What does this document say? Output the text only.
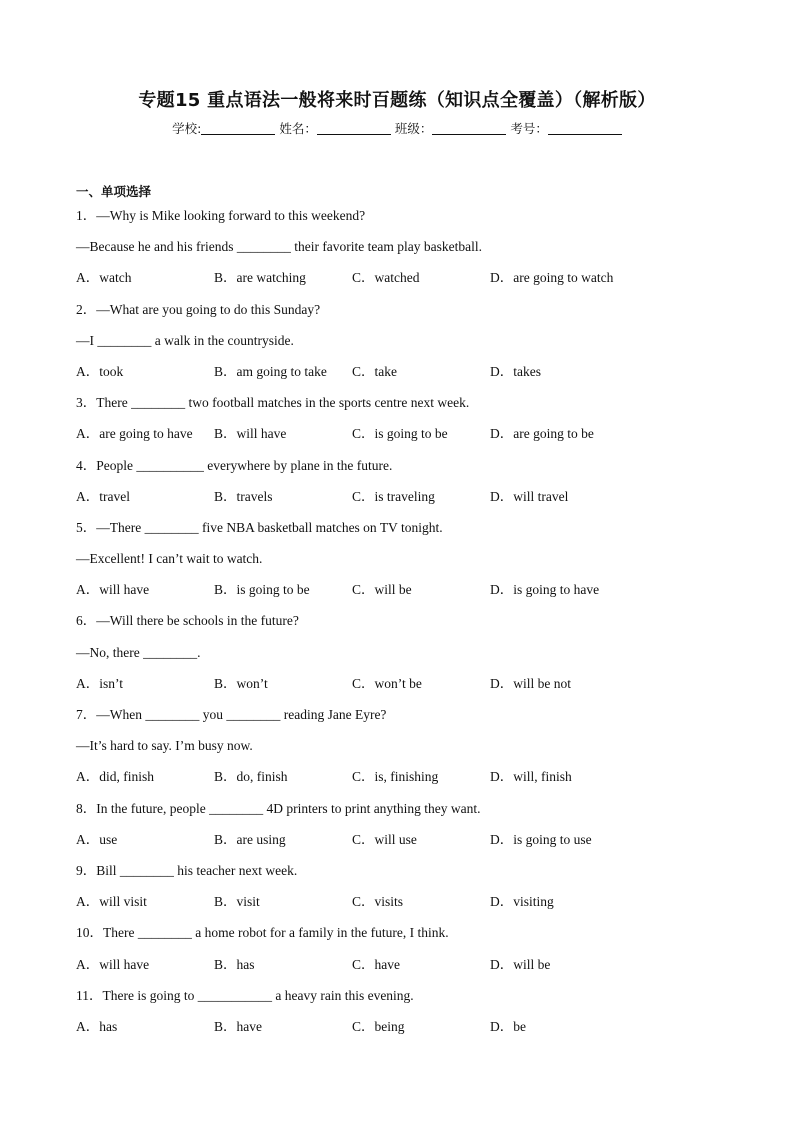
专题15 重点语法一般将来时百题练（知识点全覆盖）（解析版）
学校:	姓名：	班级：	考号：
一、单项选择
1．—Why is Mike looking forward to this weekend?
—Because he and his friends ________ their favorite team play basketball.
A．watch	B．are watching	C．watched	D．are going to watch
2．—What are you going to do this Sunday?
—I ________ a walk in the countryside.
A．took	B．am going to take	C．take	D．takes
3．There ________ two football matches in the sports centre next week.
A．are going to have	B．will have	C．is going to be	D．are going to be
4．People __________ everywhere by plane in the future.
A．travel	B．travels	C．is traveling	D．will travel
5．—There ________ five NBA basketball matches on TV tonight.
—Excellent! I can’t wait to watch.
A．will have	B．is going to be	C．will be	D．is going to have
6．—Will there be schools in the future?
—No, there ________.
A．isn’t	B．won’t	C．won’t be	D．will be not
7．—When ________ you ________ reading Jane Eyre?
—It’s hard to say. I’m busy now.
A．did, finish	B．do, finish	C．is, finishing	D．will, finish
8．In the future, people ________ 4D printers to print anything they want.
A．use	B．are using	C．will use	D．is going to use
9．Bill ________ his teacher next week.
A．will visit	B．visit	C．visits	D．visiting
10．There ________ a home robot for a family in the future, I think.
A．will have	B．has	C．have	D．will be
11．There is going to ___________ a heavy rain this evening.
A．has	B．have	C．being	D．be
